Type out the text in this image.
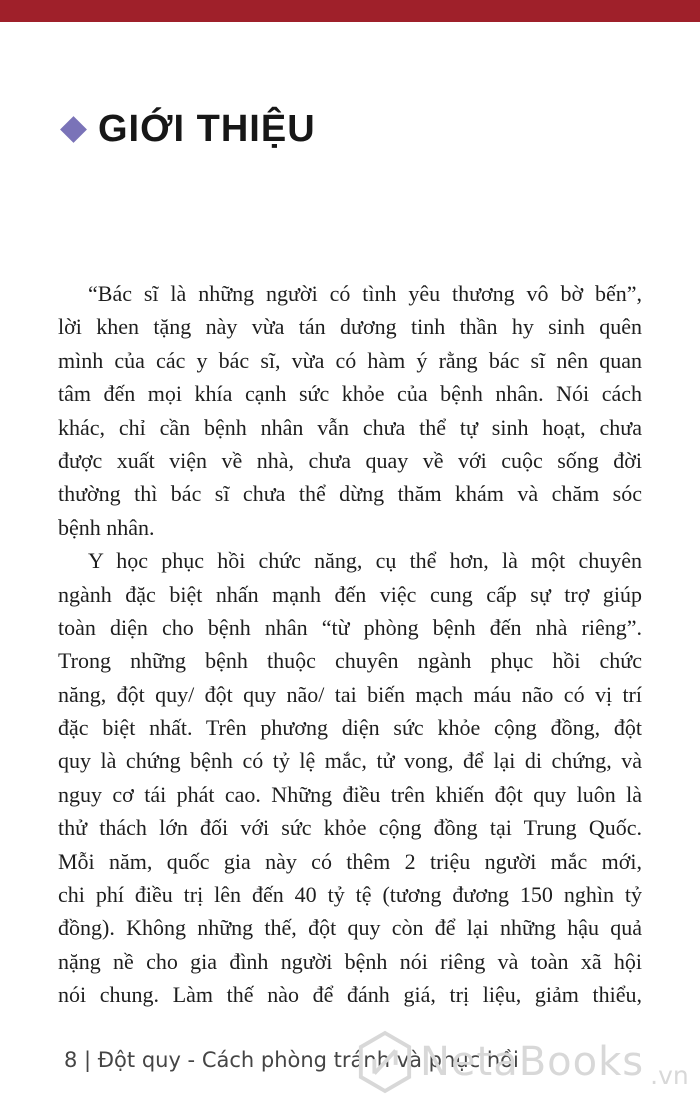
GIỚI THIỆU
“Bác sĩ là những người có tình yêu thương vô bờ bến”,
lời khen tặng này vừa tán dương tinh thần hy sinh quên
mình của các y bác sĩ, vừa có hàm ý rằng bác sĩ nên quan
tâm đến mọi khía cạnh sức khỏe của bệnh nhân. Nói cách
khác, chỉ cần bệnh nhân vẫn chưa thể tự sinh hoạt, chưa
được xuất viện về nhà, chưa quay về với cuộc sống đời
thường thì bác sĩ chưa thể dừng thăm khám và chăm sóc
bệnh nhân.
Y học phục hồi chức năng, cụ thể hơn, là một chuyên
ngành đặc biệt nhấn mạnh đến việc cung cấp sự trợ giúp
toàn diện cho bệnh nhân “từ phòng bệnh đến nhà riêng”.
Trong những bệnh thuộc chuyên ngành phục hồi chức
năng, đột quy/ đột quy não/ tai biến mạch máu não có vị trí
đặc biệt nhất. Trên phương diện sức khỏe cộng đồng, đột
quy là chứng bệnh có tỷ lệ mắc, tử vong, để lại di chứng, và
nguy cơ tái phát cao. Những điều trên khiến đột quy luôn là
thử thách lớn đối với sức khỏe cộng đồng tại Trung Quốc.
Mỗi năm, quốc gia này có thêm 2 triệu người mắc mới,
chi phí điều trị lên đến 40 tỷ tệ (tương đương 150 nghìn tỷ
đồng). Không những thế, đột quy còn để lại những hậu quả
nặng nề cho gia đình người bệnh nói riêng và toàn xã hội
nói chung. Làm thế nào để đánh giá, trị liệu, giảm thiểu,
8 | Đột quy - Cách phòng tránh và phục hồi
NetaBooks .vn
